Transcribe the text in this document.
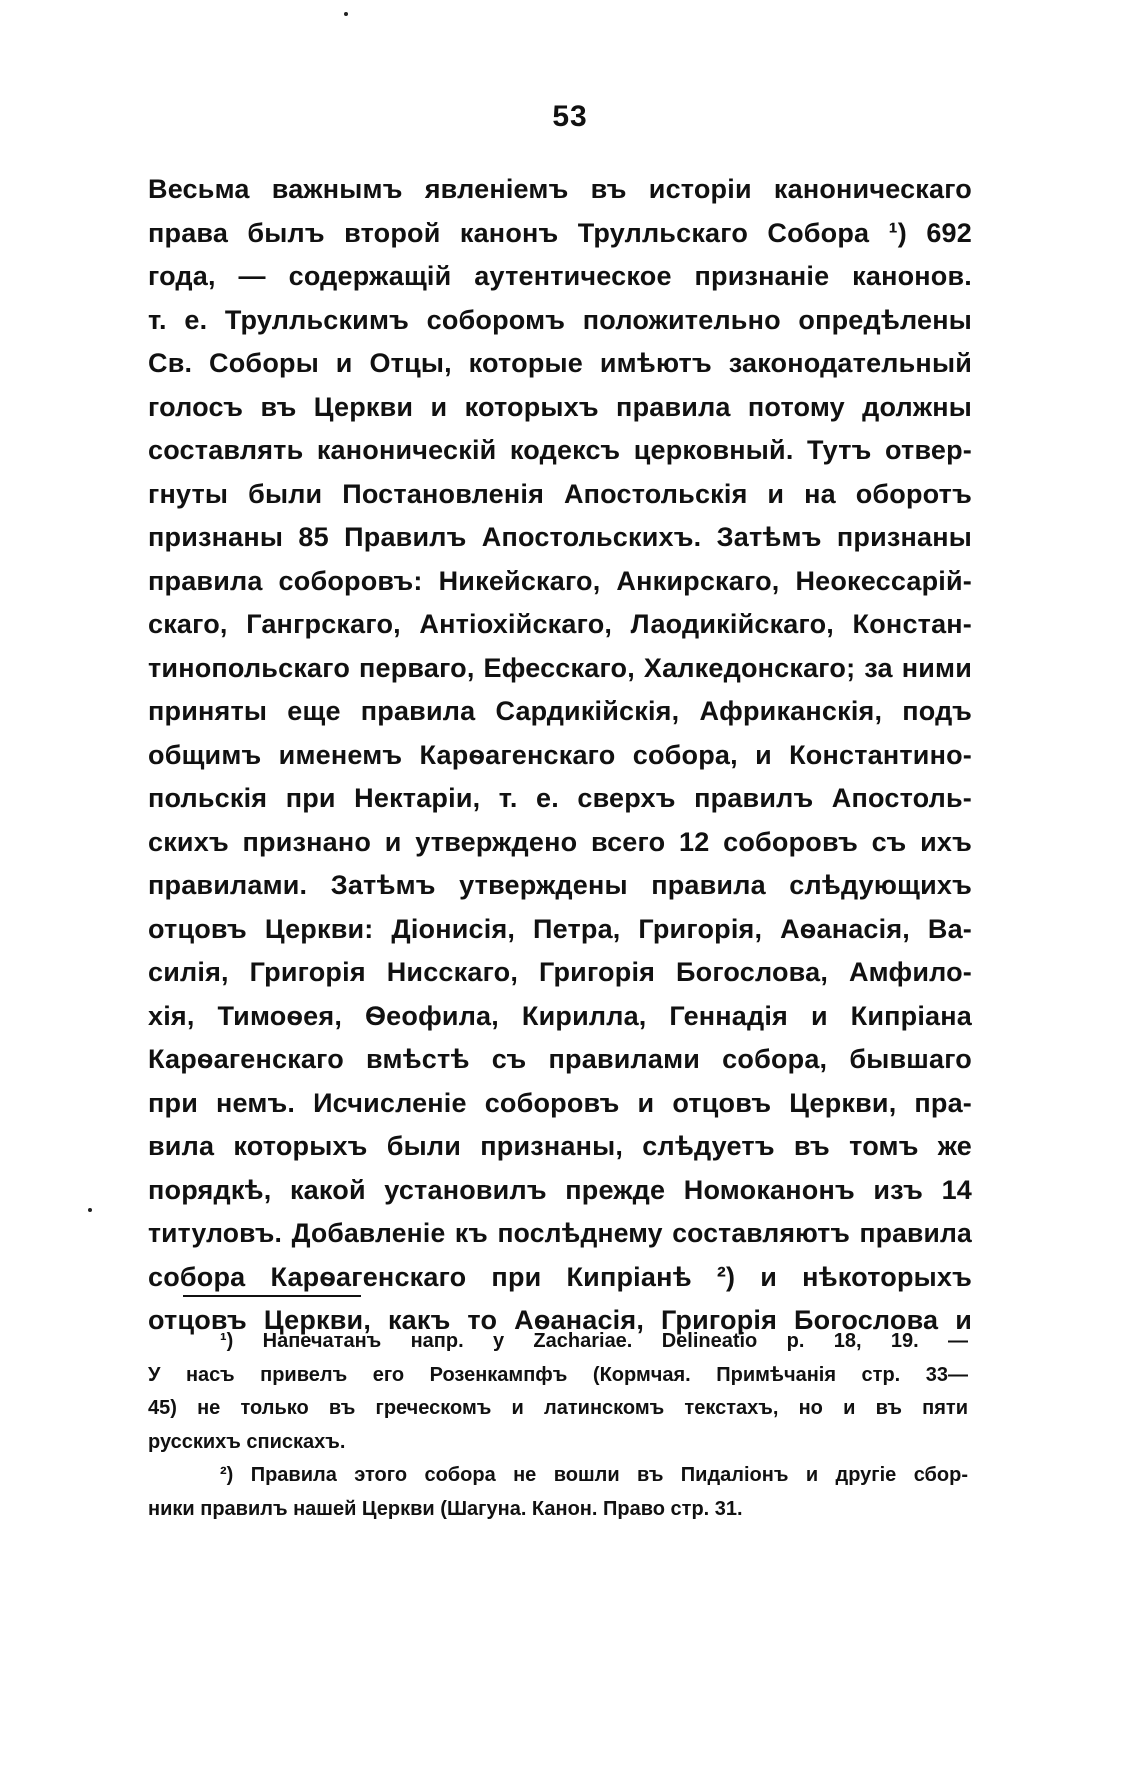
53
Весьма важнымъ явленіемъ въ исторіи каноническаго
права былъ второй канонъ Трулльскаго Собора ¹) 692
года, — содержащій аутентическое признаніе канонов.
т. е. Трулльскимъ соборомъ положительно опредѣлены
Св. Соборы и Отцы, которые имѣютъ законодательный
голосъ въ Церкви и которыхъ правила потому должны
составлять каноническій кодексъ церковный. Тутъ отвер-
гнуты были Постановленія Апостольскія и на оборотъ
признаны 85 Правилъ Апостольскихъ. Затѣмъ признаны
правила соборовъ: Никейскаго, Анкирскаго, Неокессарій-
скаго, Гангрскаго, Антіохійскаго, Лаодикійскаго, Констан-
тинопольскаго перваго, Ефесскаго, Халкедонскаго; за ними
приняты еще правила Сардикійскія, Африканскія, подъ
общимъ именемъ Карѳагенскаго собора, и Константино-
польскія при Нектаріи, т. е. сверхъ правилъ Апостоль-
скихъ признано и утверждено всего 12 соборовъ съ ихъ
правилами. Затѣмъ утверждены правила слѣдующихъ
отцовъ Церкви: Діонисія, Петра, Григорія, Аѳанасія, Ва-
силія, Григорія Нисскаго, Григорія Богослова, Амфило-
хія, Тимоѳея, Ѳеофила, Кирилла, Геннадія и Кипріана
Карѳагенскаго вмѣстѣ съ правилами собора, бывшаго
при немъ. Исчисленіе соборовъ и отцовъ Церкви, пра-
вила которыхъ были признаны, слѣдуетъ въ томъ же
порядкѣ, какой установилъ прежде Номоканонъ изъ 14
титуловъ. Добавленіе къ послѣднему составляютъ правила
собора Карѳагенскаго при Кипріанѣ ²) и нѣкоторыхъ
отцовъ Церкви, какъ то Аѳанасія, Григорія Богослова и
¹) Напечатанъ напр. у Zachariae. Delineatio p. 18, 19. —
У насъ привелъ его Розенкампфъ (Кормчая. Примѣчанія стр. 33—
45) не только въ греческомъ и латинскомъ текстахъ, но и въ пяти
русскихъ спискахъ.
²) Правила этого собора не вошли въ Пидаліонъ и другіе сбор-
ники правилъ нашей Церкви (Шагуна. Канон. Право стр. 31.
